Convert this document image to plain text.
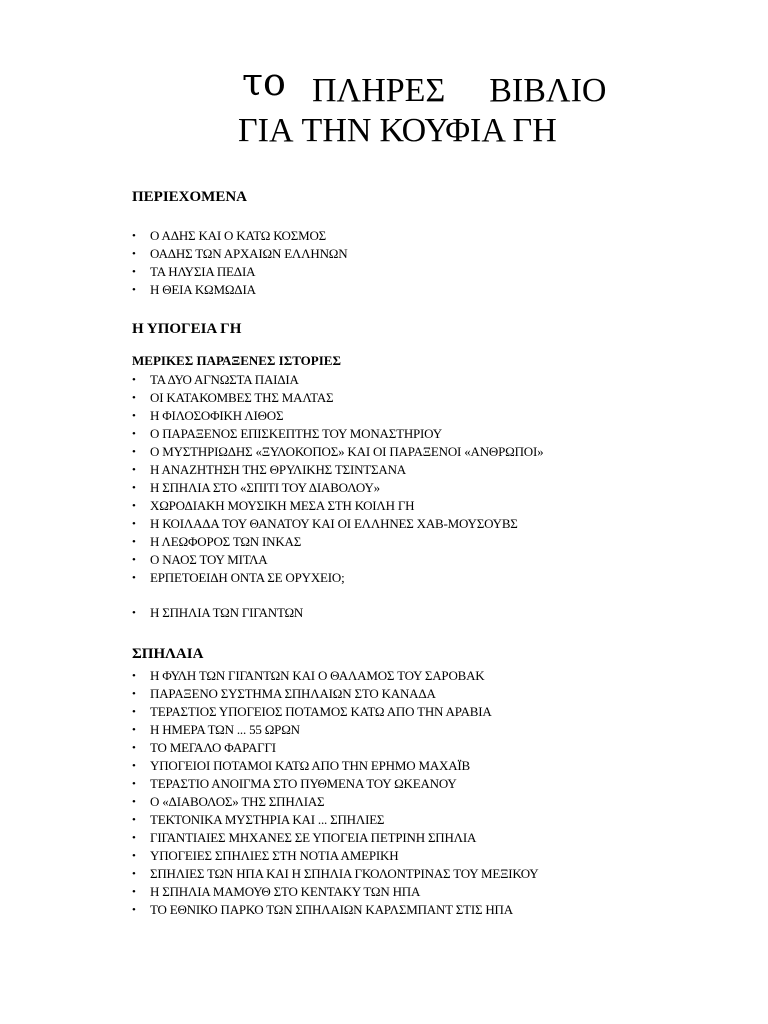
το ΠΛΗΡΕΣ ΒΙΒΛΙΟ
ΓΙΑ ΤΗΝ ΚΟΥΦΙΑ ΓΗ
ΠΕΡΙΕΧΟΜΕΝΑ
• Ο ΑΔΗΣ ΚΑΙ Ο ΚΑΤΩ ΚΟΣΜΟΣ
• ΟΑΔΗΣ ΤΩΝ ΑΡΧΑΙΩΝ ΕΛΛΗΝΩΝ
• ΤΑ ΗΛΥΣΙΑ ΠΕΔΙΑ
• Η ΘΕΙΑ ΚΩΜΩΔΙΑ
Η ΥΠΟΓΕΙΑ ΓΗ
ΜΕΡΙΚΕΣ ΠΑΡΑΞΕΝΕΣ ΙΣΤΟΡΙΕΣ
• ΤΑ ΔΥΟ ΑΓΝΩΣΤΑ ΠΑΙΔΙΑ
• ΟΙ ΚΑΤΑΚΟΜΒΕΣ ΤΗΣ ΜΑΛΤΑΣ
• Η ΦΙΛΟΣΟΦΙΚΗ ΛΙΘΟΣ
• Ο ΠΑΡΑΞΕΝΟΣ ΕΠΙΣΚΕΠΤΗΣ ΤΟΥ ΜΟΝΑΣΤΗΡΙΟΥ
• Ο ΜΥΣΤΗΡΙΩΔΗΣ «ΞΥΛΟΚΟΠΟΣ» ΚΑΙ ΟΙ ΠΑΡΑΞΕΝΟΙ «ΑΝΘΡΩΠΟΙ»
• Η ΑΝΑΖΗΤΗΣΗ ΤΗΣ ΘΡΥΛΙΚΗΣ ΤΣΙΝΤΣΑΝΑ
• Η ΣΠΗΛΙΑ ΣΤΟ «ΣΠΙΤΙ ΤΟΥ ΔΙΑΒΟΛΟΥ»
• ΧΩΡΟΔΙΑΚΗ ΜΟΥΣΙΚΗ ΜΕΣΑ ΣΤΗ ΚΟΙΛΗ ΓΗ
• Η ΚΟΙΛΑΔΑ ΤΟΥ ΘΑΝΑΤΟΥ ΚΑΙ ΟΙ ΕΛΛΗΝΕΣ ΧΑΒ-ΜΟΥΣΟΥΒΣ
• Η ΛΕΩΦΟΡΟΣ ΤΩΝ ΙΝΚΑΣ
• Ο ΝΑΟΣ ΤΟΥ ΜΙΤΛΑ
• ΕΡΠΕΤΟΕΙΔΗ ΟΝΤΑ ΣΕ ΟΡΥΧΕΙΟ;
• Η ΣΠΗΛΙΑ ΤΩΝ ΓΙΓΑΝΤΩΝ
ΣΠΗΛΑΙΑ
• Η ΦΥΛΗ ΤΩΝ ΓΙΓΑΝΤΩΝ ΚΑΙ Ο ΘΑΛΑΜΟΣ ΤΟΥ ΣΑΡΟΒΑΚ
• ΠΑΡΑΞΕΝΟ ΣΥΣΤΗΜΑ ΣΠΗΛΑΙΩΝ ΣΤΟ ΚΑΝΑΔΑ
• ΤΕΡΑΣΤΙΟΣ ΥΠΟΓΕΙΟΣ ΠΟΤΑΜΟΣ ΚΑΤΩ ΑΠΟ ΤΗΝ ΑΡΑΒΙΑ
• Η ΗΜΕΡΑ ΤΩΝ ... 55 ΩΡΩΝ
• ΤΟ ΜΕΓΑΛΟ ΦΑΡΑΓΓΙ
• ΥΠΟΓΕΙΟΙ ΠΟΤΑΜΟΙ ΚΑΤΩ ΑΠΟ ΤΗΝ ΕΡΗΜΟ ΜΑΧΑΪΒ
• ΤΕΡΑΣΤΙΟ ΑΝΟΙΓΜΑ ΣΤΟ ΠΥΘΜΕΝΑ ΤΟΥ ΩΚΕΑΝΟΥ
• Ο «ΔΙΑΒΟΛΟΣ» ΤΗΣ ΣΠΗΛΙΑΣ
• ΤΕΚΤΟΝΙΚΑ ΜΥΣΤΗΡΙΑ ΚΑΙ ... ΣΠΗΛΙΕΣ
• ΓΙΓΑΝΤΙΑΙΕΣ ΜΗΧΑΝΕΣ ΣΕ ΥΠΟΓΕΙΑ ΠΕΤΡΙΝΗ ΣΠΗΛΙΑ
• ΥΠΟΓΕΙΕΣ ΣΠΗΛΙΕΣ ΣΤΗ ΝΟΤΙΑ ΑΜΕΡΙΚΗ
• ΣΠΗΛΙΕΣ ΤΩΝ ΗΠΑ ΚΑΙ Η ΣΠΗΛΙΑ ΓΚΟΛΟΝΤΡΙΝΑΣ ΤΟΥ ΜΕΞΙΚΟΥ
• Η ΣΠΗΛΙΑ ΜΑΜΟΥΘ ΣΤΟ ΚΕΝΤΑΚΥ ΤΩΝ ΗΠΑ
• ΤΟ ΕΘΝΙΚΟ ΠΑΡΚΟ ΤΩΝ ΣΠΗΛΑΙΩΝ ΚΑΡΛΣΜΠΑΝΤ ΣΤΙΣ ΗΠΑ
